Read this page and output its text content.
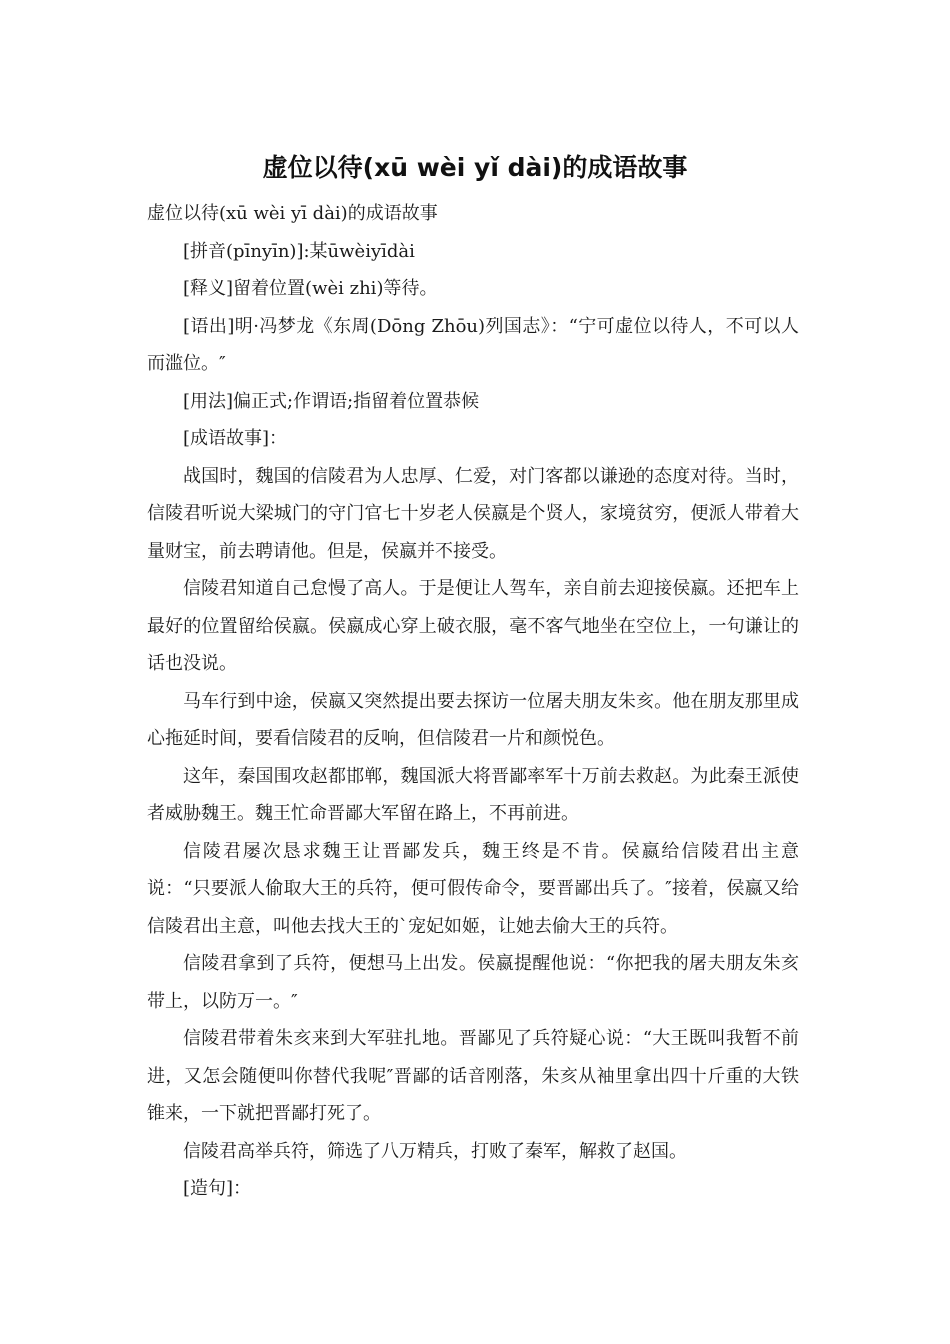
虚位以待(xū wèi yǐ dài)的成语故事

虚位以待(xū wèi yī dài)的成语故事

[拼音(pīnyīn)]:某ūwèiyīdài

[释义]留着位置(wèi zhi)等待。

[语出]明·冯梦龙《东周(Dōng Zhōu)列国志》：“宁可虚位以待人，不可以人而滥位。″

[用法]偏正式;作谓语;指留着位置恭候

[成语故事]：

战国时，魏国的信陵君为人忠厚、仁爱，对门客都以谦逊的态度对待。当时，信陵君听说大梁城门的守门官七十岁老人侯嬴是个贤人，家境贫穷，便派人带着大量财宝，前去聘请他。但是，侯嬴并不接受。

信陵君知道自己怠慢了高人。于是便让人驾车，亲自前去迎接侯嬴。还把车上最好的位置留给侯嬴。侯嬴成心穿上破衣服，毫不客气地坐在空位上，一句谦让的话也没说。

马车行到中途，侯嬴又突然提出要去探访一位屠夫朋友朱亥。他在朋友那里成心拖延时间，要看信陵君的反响，但信陵君一片和颜悦色。

这年，秦国围攻赵都邯郸，魏国派大将晋鄙率军十万前去救赵。为此秦王派使者威胁魏王。魏王忙命晋鄙大军留在路上，不再前进。

信陵君屡次恳求魏王让晋鄙发兵，魏王终是不肯。侯嬴给信陵君出主意说：“只要派人偷取大王的兵符，便可假传命令，要晋鄙出兵了。″接着，侯嬴又给信陵君出主意，叫他去找大王的`宠妃如姬，让她去偷大王的兵符。

信陵君拿到了兵符，便想马上出发。侯嬴提醒他说：“你把我的屠夫朋友朱亥带上，以防万一。″

信陵君带着朱亥来到大军驻扎地。晋鄙见了兵符疑心说：“大王既叫我暂不前进，又怎会随便叫你替代我呢″晋鄙的话音刚落，朱亥从袖里拿出四十斤重的大铁锥来，一下就把晋鄙打死了。

信陵君高举兵符，筛选了八万精兵，打败了秦军，解救了赵国。

[造句]：
